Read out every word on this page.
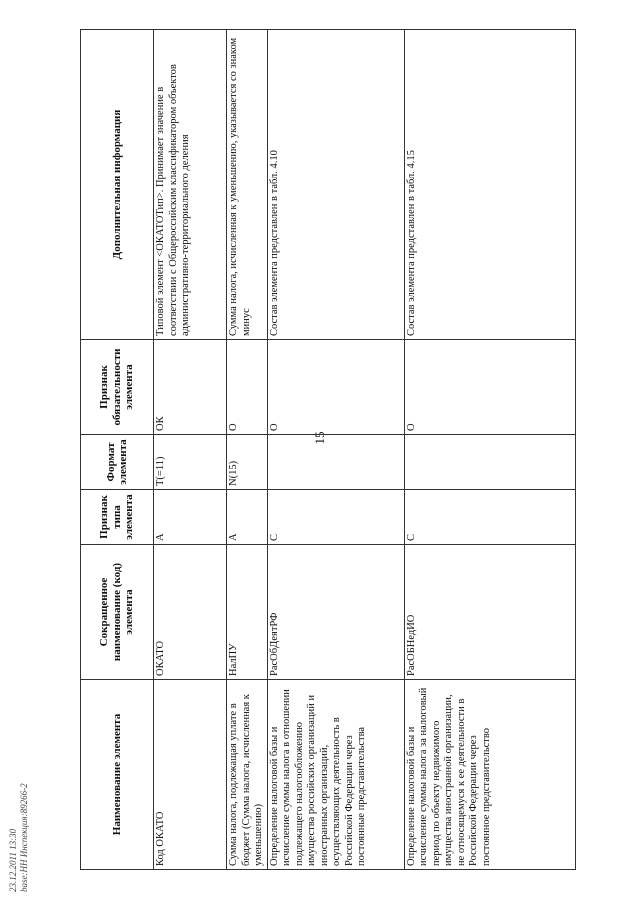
15
Наименование элемента	Сокращенное наименование (код) элемента	Признак типа элемента	Формат элемента	Признак обязательности элемента	Дополнительная информация
Код ОКАТО	ОКАТО	А	T(=11)	ОК	Типовой элемент <ОКАТОТип>. Принимает значение в соответствии с Общероссийским классификатором объектов административно-территориального деления
Сумма налога, подлежащая уплате в бюджет (Сумма налога, исчисленная к уменьшению)	НалПУ	А	N(15)	О	Сумма налога, исчисленная к уменьшению, указывается со знаком минус
Определение налоговой базы и исчисление суммы налога в отношении подлежащего налогообложению имущества российских организаций и иностранных организаций, осуществляющих деятельность в Российской Федерации через постоянные представительства	РасОбДеятРФ	С		О	Состав элемента представлен в табл. 4.10
Определение налоговой базы и исчисление суммы налога за налоговый период по объекту недвижимого имущества иностранной организации, не относящемуся к ее деятельности в Российской Федерации через постоянное представительство	РасОБНедИО	С		О	Состав элемента представлен в табл. 4.15
23.12.2011 13:30 base:HH Инспекция:89266-2
